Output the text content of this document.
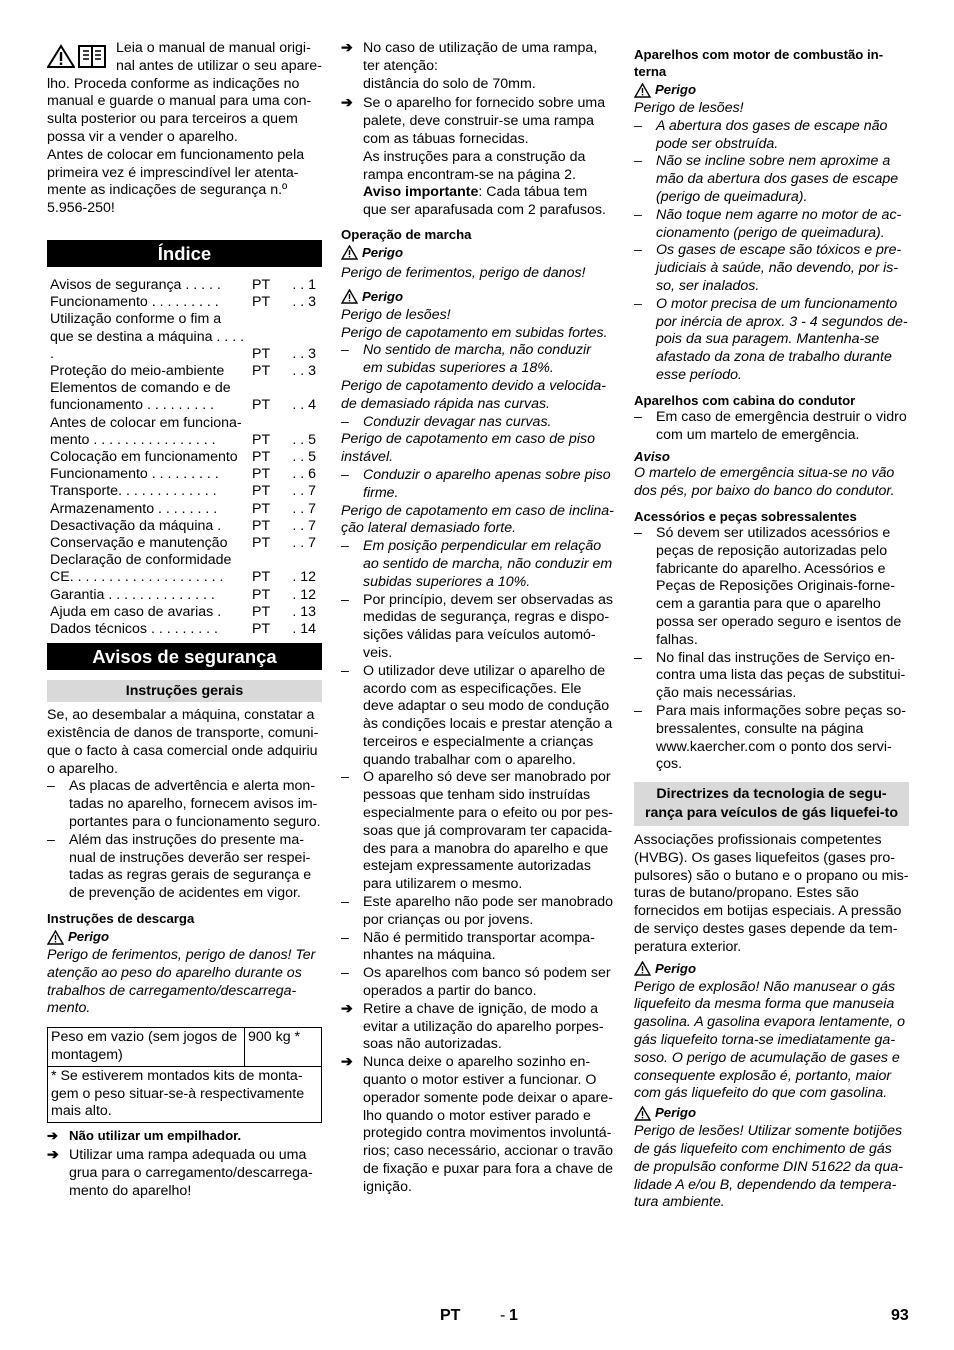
Leia o manual de manual origi-

nal antes de utilizar o seu apare-

lho. Proceda conforme as indicações no manual e guarde o manual para uma con-sulta posterior ou para terceiros a quem possa vir a vender o aparelho.

Antes de colocar em funcionamento pela primeira vez é imprescindível ler atenta-mente as indicações de segurança n.º 5.956-250!

Índice
Avisos de segurança . . . . .	PT	. . 1
Funcionamento . . . . . . . . .	PT	. . 3
Utilização conforme o fim a que se destina a máquina . . . . .	PT	. . 3
Proteção do meio-ambiente	PT	. . 3
Elementos de comando e de funcionamento . . . . . . . . .	PT	. . 4
Antes de colocar em funciona-mento . . . . . . . . . . . . . . . .	PT	. . 5
Colocação em funcionamento	PT	. . 5
Funcionamento . . . . . . . . .	PT	. . 6
Transporte. . . . . . . . . . . . .	PT	. . 7
Armazenamento . . . . . . . .	PT	. . 7
Desactivação da máquina .	PT	. . 7
Conservação e manutenção	PT	. . 7
Declaração de conformidade CE. . . . . . . . . . . . . . . . . . . .	PT	. 12
Garantia . . . . . . . . . . . . . .	PT	. 12
Ajuda em caso de avarias .	PT	. 13
Dados técnicos . . . . . . . . .	PT	. 14
Avisos de segurança
Instruções gerais

Se, ao desembalar a máquina, constatar a existência de danos de transporte, comuni-que o facto à casa comercial onde adquiriu o aparelho.

– As placas de advertência e alerta mon-tadas no aparelho, fornecem avisos im-portantes para o funcionamento seguro.

– Além das instruções do presente ma-nual de instruções deverão ser respei-tadas as regras gerais de segurança e de prevenção de acidentes em vigor.

Instruções de descarga

Perigo

Perigo de ferimentos, perigo de danos! Ter atenção ao peso do aparelho durante os trabalhos de carregamento/descarrega-mento.

Peso em vazio (sem jogos de montagem)	900 kg *
* Se estiverem montados kits de monta-gem o peso situar-se-à respectivamente mais alto.

➔ Não utilizar um empilhador.

➔ Utilizar uma rampa adequada ou uma grua para o carregamento/descarrega-mento do aparelho!

➔ No caso de utilização de uma rampa, ter atenção:

distância do solo de 70mm.

➔ Se o aparelho for fornecido sobre uma palete, deve construir-se uma rampa com as tábuas fornecidas.

As instruções para a construção da rampa encontram-se na página 2.

Aviso importante: Cada tábua tem que ser aparafusada com 2 parafusos.

Operação de marcha

Perigo

Perigo de ferimentos, perigo de danos!

Perigo

Perigo de lesões!

Perigo de capotamento em subidas fortes.

– No sentido de marcha, não conduzir em subidas superiores a 18%.

Perigo de capotamento devido a velocida-de demasiado rápida nas curvas.

– Conduzir devagar nas curvas.

Perigo de capotamento em caso de piso instável.

– Conduzir o aparelho apenas sobre piso firme.

Perigo de capotamento em caso de inclina-ção lateral demasiado forte.

– Em posição perpendicular em relação ao sentido de marcha, não conduzir em subidas superiores a 10%.

– Por princípio, devem ser observadas as medidas de segurança, regras e dispo-sições válidas para veículos automó-veis.

– O utilizador deve utilizar o aparelho de acordo com as especificações. Ele deve adaptar o seu modo de condução às condições locais e prestar atenção a terceiros e especialmente a crianças quando trabalhar com o aparelho.

– O aparelho só deve ser manobrado por pessoas que tenham sido instruídas especialmente para o efeito ou por pes-soas que já comprovaram ter capacida-des para a manobra do aparelho e que estejam expressamente autorizadas para utilizarem o mesmo.

– Este aparelho não pode ser manobrado por crianças ou por jovens.

– Não é permitido transportar acompa-nhantes na máquina.

– Os aparelhos com banco só podem ser operados a partir do banco.

➔ Retire a chave de ignição, de modo a evitar a utilização do aparelho porpes-soas não autorizadas.

➔ Nunca deixe o aparelho sozinho en-quanto o motor estiver a funcionar. O operador somente pode deixar o apare-lho quando o motor estiver parado e protegido contra movimentos involuntá-rios; caso necessário, accionar o travão de fixação e puxar para fora a chave de ignição.

Aparelhos com motor de combustão in-terna

Perigo

Perigo de lesões!

– A abertura dos gases de escape não pode ser obstruída.

– Não se incline sobre nem aproxime a mão da abertura dos gases de escape (perigo de queimadura).

– Não toque nem agarre no motor de ac-cionamento (perigo de queimadura).

– Os gases de escape são tóxicos e pre-judiciais à saúde, não devendo, por is-so, ser inalados.

– O motor precisa de um funcionamento por inércia de aprox. 3 - 4 segundos de-pois da sua paragem. Mantenha-se afastado da zona de trabalho durante esse período.

Aparelhos com cabina do condutor

– Em caso de emergência destruir o vidro com um martelo de emergência.

Aviso

O martelo de emergência situa-se no vão dos pés, por baixo do banco do condutor.

Acessórios e peças sobressalentes

– Só devem ser utilizados acessórios e peças de reposição autorizadas pelo fabricante do aparelho. Acessórios e Peças de Reposições Originais-forne-cem a garantia para que o aparelho possa ser operado seguro e isentos de falhas.

– No final das instruções de Serviço en-contra uma lista das peças de substitui-ção mais necessárias.

– Para mais informações sobre peças so-bressalentes, consulte na página www.kaercher.com o ponto dos servi-ços.

Directrizes da tecnologia de segu-rança para veículos de gás liquefei-to

Associações profissionais competentes (HVBG). Os gases liquefeitos (gases pro-pulsores) são o butano e o propano ou mis-turas de butano/propano. Estes são fornecidos em botijas especiais. A pressão de serviço destes gases depende da tem-peratura exterior.

Perigo

Perigo de explosão! Não manusear o gás liquefeito da mesma forma que manuseia gasolina. A gasolina evapora lentamente, o gás liquefeito torna-se imediatamente ga-soso. O perigo de acumulação de gases e consequente explosão é, portanto, maior com gás liquefeito do que com gasolina.

Perigo

Perigo de lesões! Utilizar somente botijões de gás liquefeito com enchimento de gás de propulsão conforme DIN 51622 da qua-lidade A e/ou B, dependendo da tempera-tura ambiente.

PT - 1	93
